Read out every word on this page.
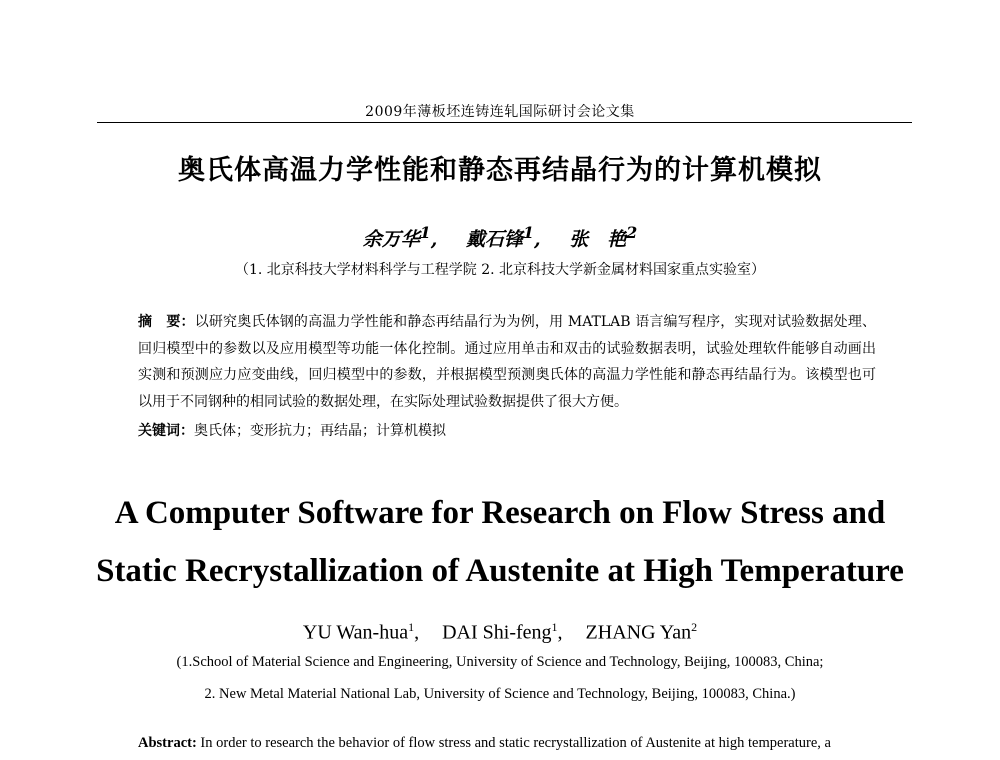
2009年薄板坯连铸连轧国际研讨会论文集
奥氏体高温力学性能和静态再结晶行为的计算机模拟
余万华$^1$, 戴石锋$^1$, 张　艳$^2$
（1. 北京科技大学材料科学与工程学院 2. 北京科技大学新金属材料国家重点实验室）
摘　要：以研究奥氏体钢的高温力学性能和静态再结晶行为为例，用 MATLAB 语言编写程序，实现对试验数据处理、回归模型中的参数以及应用模型等功能一体化控制。通过应用单击和双击的试验数据表明，试验处理软件能够自动画出实测和预测应力应变曲线，回归模型中的参数，并根据模型预测奥氏体的高温力学性能和静态再结晶行为。该模型也可以用于不同钢种的相同试验的数据处理，在实际处理试验数据提供了很大方便。
关键词：奥氏体；变形抗力；再结晶；计算机模拟
A Computer Software for Research on Flow Stress and
Static Recrystallization of Austenite at High Temperature
YU Wan-hua$^1$, DAI Shi-feng$^1$, ZHANG Yan$^2$
(1.School of Material Science and Engineering, University of Science and Technology, Beijing, 100083, China;
2. New Metal Material National Lab, University of Science and Technology, Beijing, 100083, China.)
Abstract: In order to research the behavior of flow stress and static recrystallization of Austenite at high temperature, a
